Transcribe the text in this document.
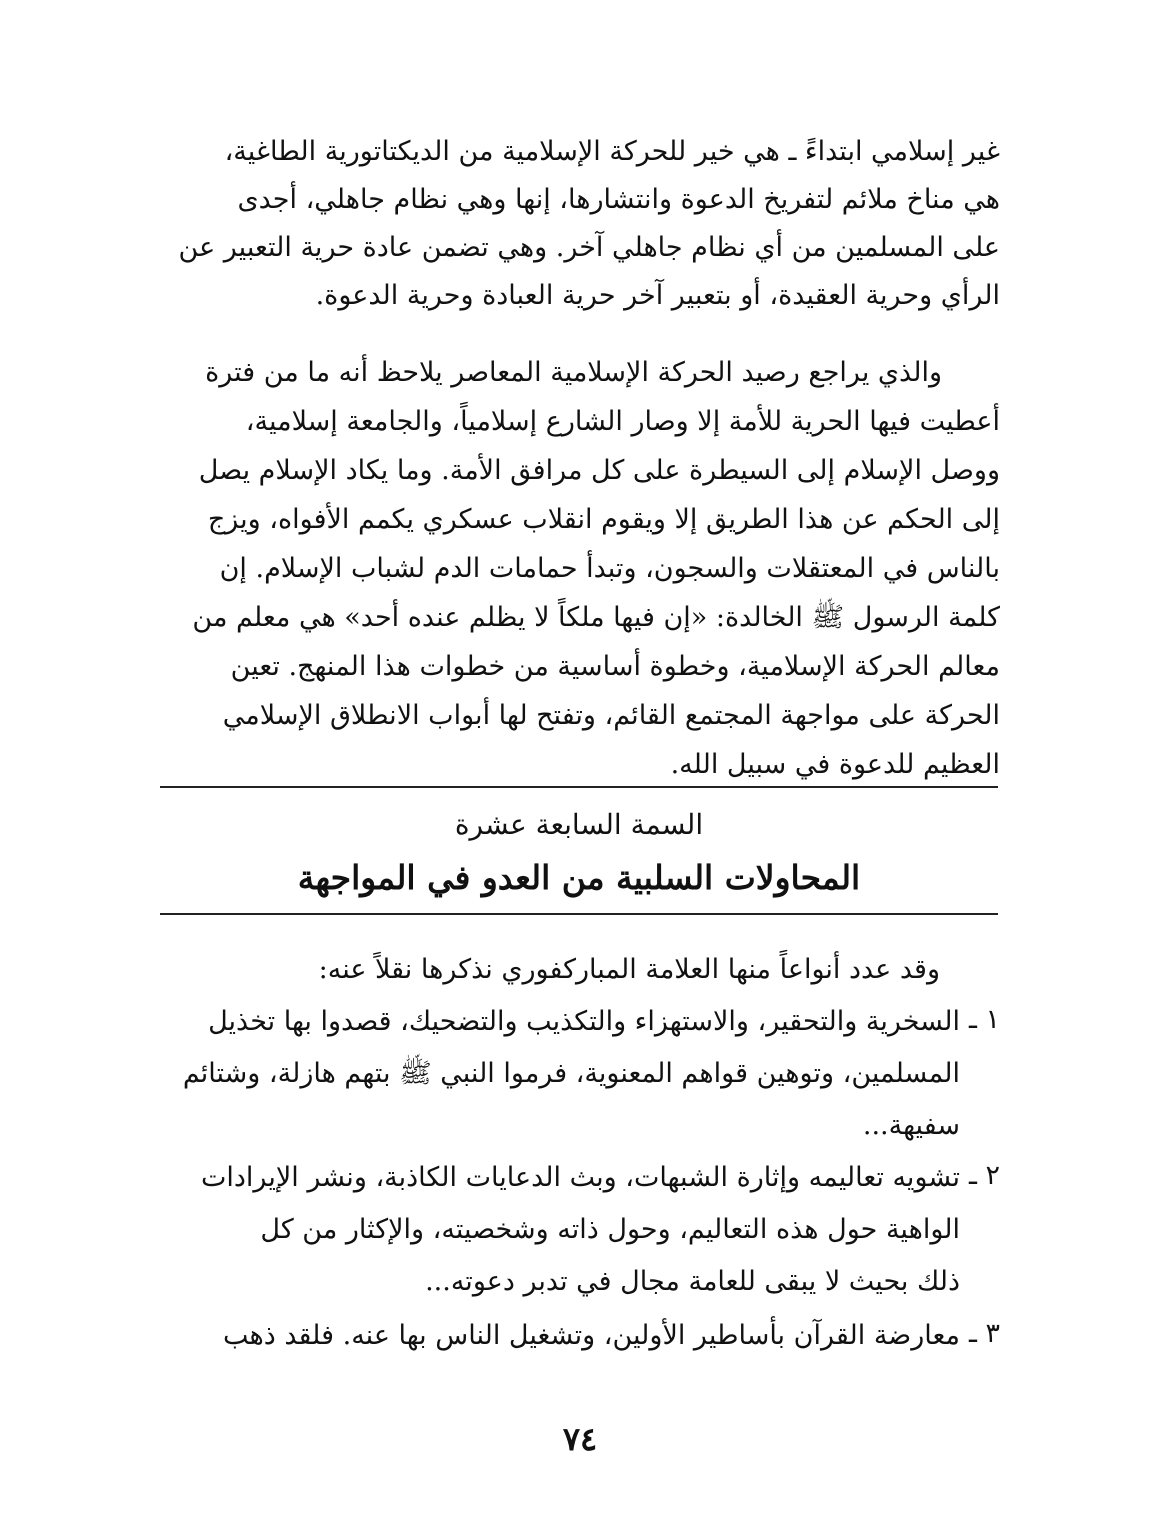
غير إسلامي ابتداءً ـ هي خير للحركة الإسلامية من الديكتاتورية الطاغية،
هي مناخ ملائم لتفريخ الدعوة وانتشارها، إنها وهي نظام جاهلي، أجدى
على المسلمين من أي نظام جاهلي آخر. وهي تضمن عادة حرية التعبير عن
الرأي وحرية العقيدة، أو بتعبير آخر حرية العبادة وحرية الدعوة.
والذي يراجع رصيد الحركة الإسلامية المعاصر يلاحظ أنه ما من فترة
أعطيت فيها الحرية للأمة إلا وصار الشارع إسلامياً، والجامعة إسلامية،
ووصل الإسلام إلى السيطرة على كل مرافق الأمة. وما يكاد الإسلام يصل
إلى الحكم عن هذا الطريق إلا ويقوم انقلاب عسكري يكمم الأفواه، ويزج
بالناس في المعتقلات والسجون، وتبدأ حمامات الدم لشباب الإسلام. إن
كلمة الرسول ﷺ الخالدة: «إن فيها ملكاً لا يظلم عنده أحد» هي معلم من
معالم الحركة الإسلامية، وخطوة أساسية من خطوات هذا المنهج. تعين
الحركة على مواجهة المجتمع القائم، وتفتح لها أبواب الانطلاق الإسلامي
العظيم للدعوة في سبيل الله.
السمة السابعة عشرة
المحاولات السلبية من العدو في المواجهة
وقد عدد أنواعاً منها العلامة المباركفوري نذكرها نقلاً عنه:
١ ـ
السخرية والتحقير، والاستهزاء والتكذيب والتضحيك، قصدوا بها تخذيل
المسلمين، وتوهين قواهم المعنوية، فرموا النبي ﷺ بتهم هازلة، وشتائم
سفيهة...
٢ ـ
تشويه تعاليمه وإثارة الشبهات، وبث الدعايات الكاذبة، ونشر الإيرادات
الواهية حول هذه التعاليم، وحول ذاته وشخصيته، والإكثار من كل
ذلك بحيث لا يبقى للعامة مجال في تدبر دعوته...
٣ ـ
معارضة القرآن بأساطير الأولين، وتشغيل الناس بها عنه. فلقد ذهب
٧٤
